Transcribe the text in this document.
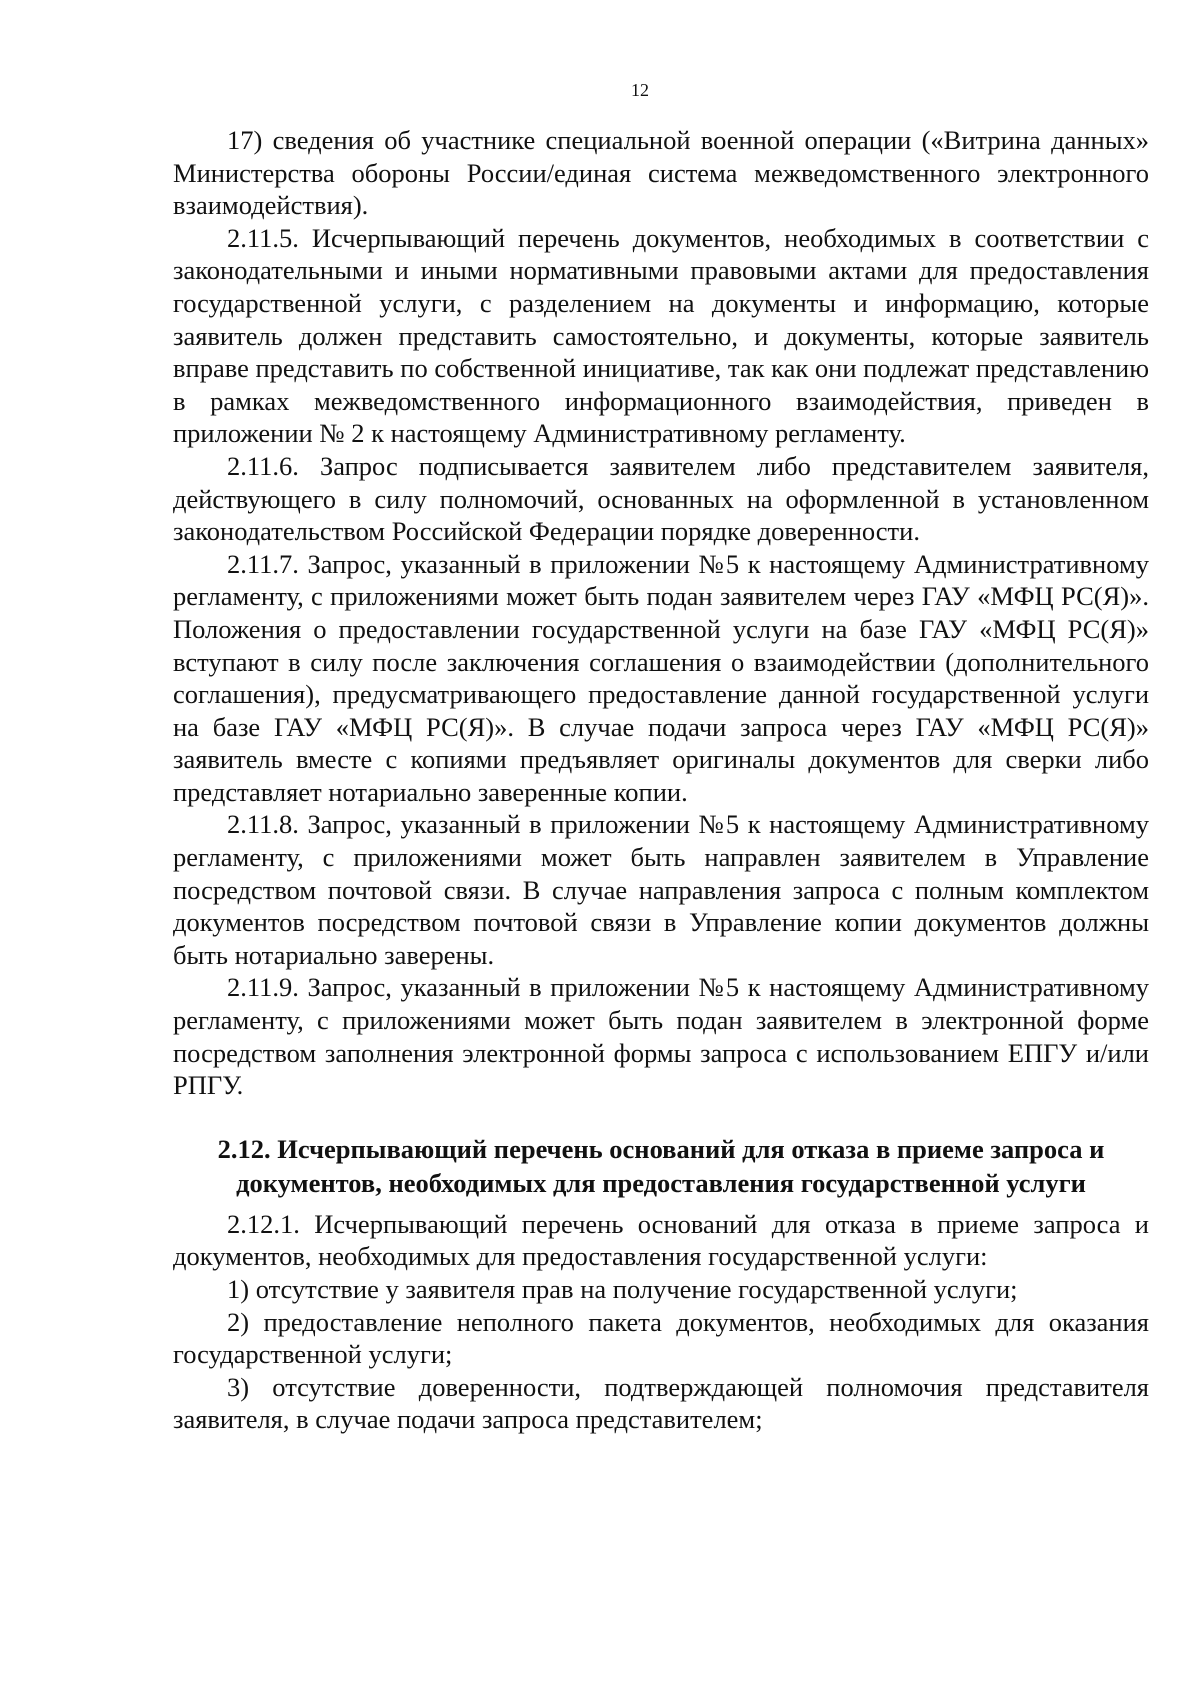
12

17) сведения об участнике специальной военной операции («Витрина данных» Министерства обороны России/единая система межведомственного электронного взаимодействия).

2.11.5. Исчерпывающий перечень документов, необходимых в соответствии с законодательными и иными нормативными правовыми актами для предоставления государственной услуги, с разделением на документы и информацию, которые заявитель должен представить самостоятельно, и документы, которые заявитель вправе представить по собственной инициативе, так как они подлежат представлению в рамках межведомственного информационного взаимодействия, приведен в приложении № 2 к настоящему Административному регламенту.

2.11.6. Запрос подписывается заявителем либо представителем заявителя, действующего в силу полномочий, основанных на оформленной в установленном законодательством Российской Федерации порядке доверенности.

2.11.7. Запрос, указанный в приложении №5 к настоящему Административному регламенту, с приложениями может быть подан заявителем через ГАУ «МФЦ РС(Я)». Положения о предоставлении государственной услуги на базе ГАУ «МФЦ РС(Я)» вступают в силу после заключения соглашения о взаимодействии (дополнительного соглашения), предусматривающего предоставление данной государственной услуги на базе ГАУ «МФЦ РС(Я)». В случае подачи запроса через ГАУ «МФЦ РС(Я)» заявитель вместе с копиями предъявляет оригиналы документов для сверки либо представляет нотариально заверенные копии.

2.11.8. Запрос, указанный в приложении №5 к настоящему Административному регламенту, с приложениями может быть направлен заявителем в Управление посредством почтовой связи. В случае направления запроса с полным комплектом документов посредством почтовой связи в Управление копии документов должны быть нотариально заверены.

2.11.9. Запрос, указанный в приложении №5 к настоящему Административному регламенту, с приложениями может быть подан заявителем в электронной форме посредством заполнения электронной формы запроса с использованием ЕПГУ и/или РПГУ.

2.12. Исчерпывающий перечень оснований для отказа в приеме запроса и документов, необходимых для предоставления государственной услуги

2.12.1. Исчерпывающий перечень оснований для отказа в приеме запроса и документов, необходимых для предоставления государственной услуги:

1) отсутствие у заявителя прав на получение государственной услуги;

2) предоставление неполного пакета документов, необходимых для оказания государственной услуги;

3) отсутствие доверенности, подтверждающей полномочия представителя заявителя, в случае подачи запроса представителем;
